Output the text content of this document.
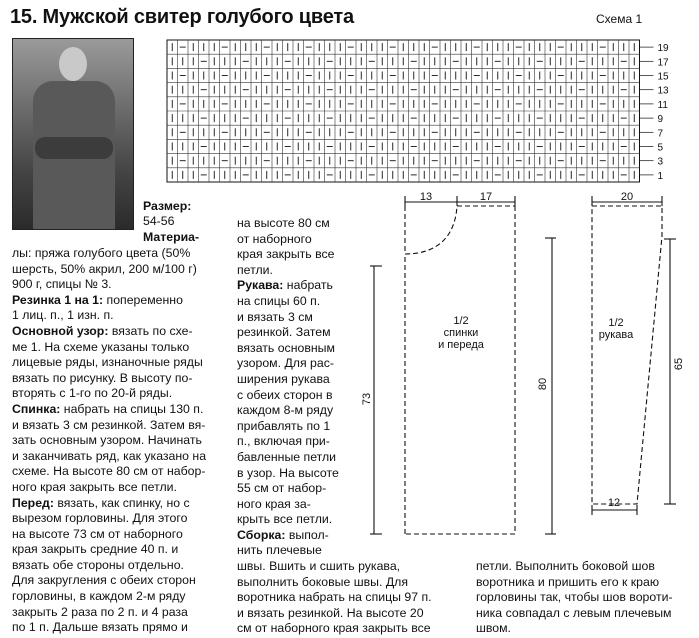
15. Мужской свитер голубого цвета	Схема 1
19
17
15
13
11
9
7
5
3
1
Размер:
54-56
Материа-
лы: пряжа голубого цвета (50%
шерсть, 50% акрил, 200 м/100 г)
900 г, спицы № 3.
Резинка 1 на 1: попеременно
1 лиц. п., 1 изн. п.
Основной узор: вязать по схе-
ме 1. На схеме указаны только
лицевые ряды, изнаночные ряды
вязать по рисунку. В высоту по-
вторять с 1-го по 20-й ряды.
Спинка: набрать на спицы 130 п.
и вязать 3 см резинкой. Затем вя-
зать основным узором. Начинать
и заканчивать ряд, как указано на
схеме. На высоте 80 см от набор-
ного края закрыть все петли.
Перед: вязать, как спинку, но с
вырезом горловины. Для этого
на высоте 73 см от наборного
края закрыть средние 40 п. и
вязать обе стороны отдельно.
Для закругления с обеих сторон
горловины, в каждом 2-м ряду
закрыть 2 раза по 2 п. и 4 раза
по 1 п. Дальше вязать прямо и
на высоте 80 см
от наборного
края закрыть все
петли.
Рукава: набрать
на спицы 60 п.
и вязать 3 см
резинкой. Затем
вязать основным
узором. Для рас-
ширения рукава
с обеих сторон в
каждом 8-м ряду
прибавлять по 1
п., включая при-
бавленные петли
в узор. На высоте
55 см от набор-
ного края за-
крыть все петли.
Сборка: выпол-
нить плечевые
швы. Вшить и сшить рукава,
выполнить боковые швы. Для
воротника набрать на спицы 97 п.
и вязать резинкой. На высоте 20
см от наборного края закрыть все
петли. Выполнить боковой шов
воротника и пришить его к краю
горловины так, чтобы шов вороти-
ника совпадал с левым плечевым
швом.
13	17
1/2
спинки
и переда
73
80
20
1/2
рукава
65
12
